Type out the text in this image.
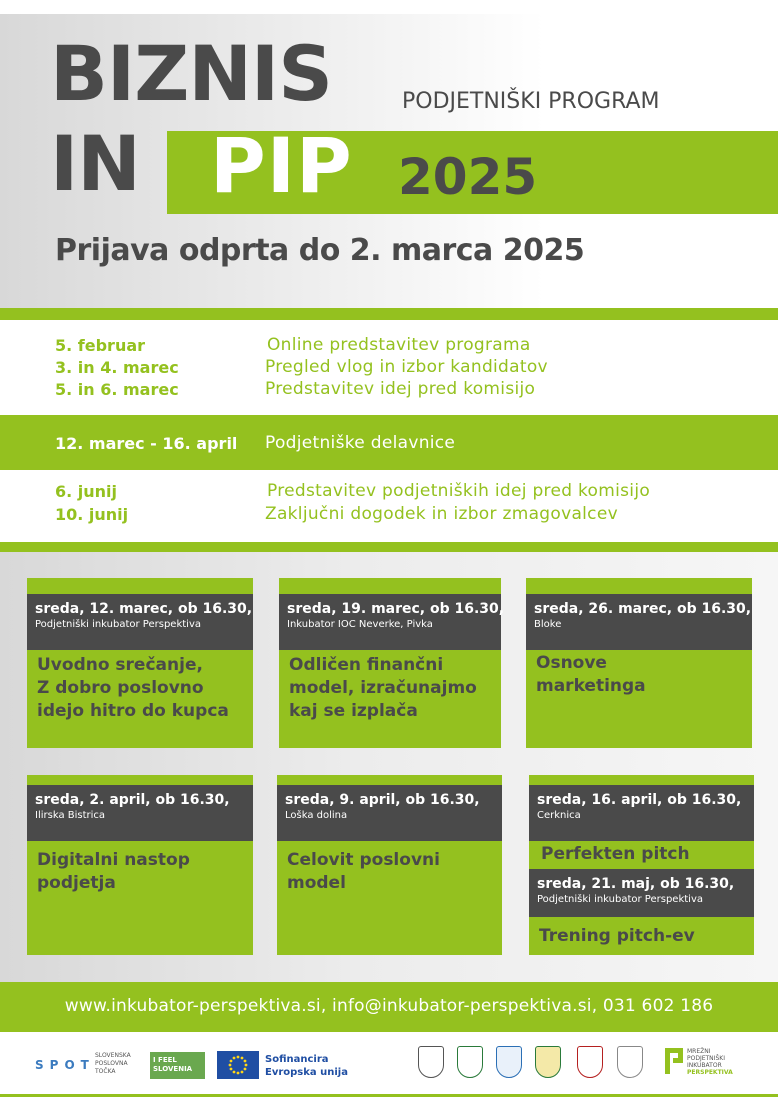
BIZNIS
IN PIP
PODJETNIŠKI PROGRAM
2025
Prijava odprta do 2. marca 2025
5. februar	Online predstavitev programa
3. in 4. marec	Pregled vlog in izbor kandidatov
5. in 6. marec	Predstavitev idej pred komisijo
12. marec - 16. april Podjetniške delavnice
6. junij	Predstavitev podjetniških idej pred komisijo
10. junij	Zaključni dogodek in izbor zmagovalcev
sreda, 12. marec, ob 16.30,
Podjetniški inkubator Perspektiva
Uvodno srečanje,
Z dobro poslovno
idejo hitro do kupca
sreda, 19. marec, ob 16.30,
Inkubator IOC Neverke, Pivka
Odličen finančni
model, izračunajmo
kaj se izplača
sreda, 26. marec, ob 16.30,
Bloke
Osnove
marketinga
sreda, 2. april, ob 16.30,
Ilirska Bistrica
Digitalni nastop
podjetja
sreda, 9. april, ob 16.30,
Loška dolina
Celovit poslovni
model
sreda, 16. april, ob 16.30,
Cerknica
Perfekten pitch
sreda, 21. maj, ob 16.30,
Podjetniški inkubator Perspektiva
Trening pitch-ev
www.inkubator-perspektiva.si, info@inkubator-perspektiva.si, 031 602 186
SPOT
SLOVENSKA
POSLOVNA
TOČKA
I FEEL
SLOVENIA
Sofinancira
Evropska unija
MREŽNI
PODJETNIŠKI
INKUBATOR
PERSPEKTIVA
